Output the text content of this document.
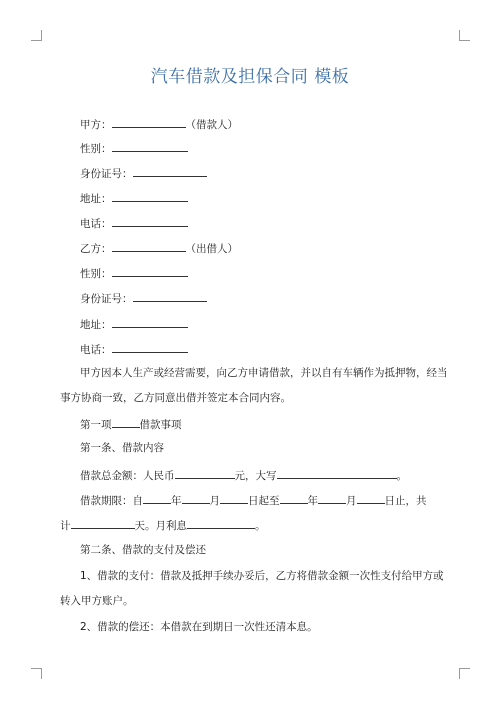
汽车借款及担保合同 模板
甲方：	（借款人）
性别：
身份证号：
地址：
电话：
乙方：	（出借人）
性别：
身份证号：
地址：
电话：
甲方因本人生产或经营需要，向乙方申请借款，并以自有车辆作为抵押物，经当
事方协商一致，乙方同意出借并签定本合同内容。
第一项	借款事项
第一条、借款内容
借款总金额：人民币	元，大写	。
借款期限：自	年	月	日起至	年	月	日止，共
计	天。月利息	。
第二条、借款的支付及偿还
1、借款的支付：借款及抵押手续办妥后，乙方将借款金额一次性支付给甲方或
转入甲方账户。
2、借款的偿还：本借款在到期日一次性还清本息。
